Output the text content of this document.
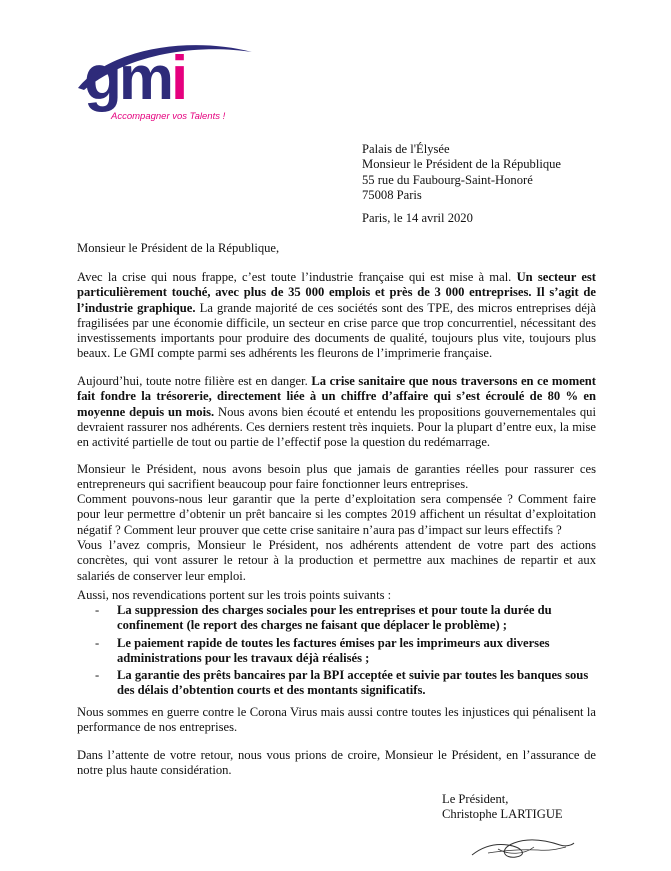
gmi
Accompagner vos Talents !
Palais de l'Élysée
Monsieur le Président de la République
55 rue du Faubourg-Saint-Honoré
75008 Paris
Paris, le 14 avril 2020
Monsieur le Président de la République,
Avec la crise qui nous frappe, c’est toute l’industrie française qui est mise à mal. Un secteur est particulièrement touché, avec plus de 35 000 emplois et près de 3 000 entreprises. Il s’agit de l’industrie graphique. La grande majorité de ces sociétés sont des TPE, des micros entreprises déjà fragilisées par une économie difficile, un secteur en crise parce que trop concurrentiel, nécessitant des investissements importants pour produire des documents de qualité, toujours plus vite, toujours plus beaux. Le GMI compte parmi ses adhérents les fleurons de l’imprimerie française.
Aujourd’hui, toute notre filière est en danger. La crise sanitaire que nous traversons en ce moment fait fondre la trésorerie, directement liée à un chiffre d’affaire qui s’est écroulé de 80 % en moyenne depuis un mois. Nous avons bien écouté et entendu les propositions gouvernementales qui devraient rassurer nos adhérents. Ces derniers restent très inquiets. Pour la plupart d’entre eux, la mise en activité partielle de tout ou partie de l’effectif pose la question du redémarrage.
Monsieur le Président, nous avons besoin plus que jamais de garanties réelles pour rassurer ces entrepreneurs qui sacrifient beaucoup pour faire fonctionner leurs entreprises.
Comment pouvons-nous leur garantir que la perte d’exploitation sera compensée ? Comment faire pour leur permettre d’obtenir un prêt bancaire si les comptes 2019 affichent un résultat d’exploitation négatif ? Comment leur prouver que cette crise sanitaire n’aura pas d’impact sur leurs effectifs ?
Vous l’avez compris, Monsieur le Président, nos adhérents attendent de votre part des actions concrètes, qui vont assurer le retour à la production et permettre aux machines de repartir et aux salariés de conserver leur emploi.
Aussi, nos revendications portent sur les trois points suivants :
- La suppression des charges sociales pour les entreprises et pour toute la durée du confinement (le report des charges ne faisant que déplacer le problème) ;
- Le paiement rapide de toutes les factures émises par les imprimeurs aux diverses administrations pour les travaux déjà réalisés ;
- La garantie des prêts bancaires par la BPI acceptée et suivie par toutes les banques sous des délais d’obtention courts et des montants significatifs.
Nous sommes en guerre contre le Corona Virus mais aussi contre toutes les injustices qui pénalisent la performance de nos entreprises.
Dans l’attente de votre retour, nous vous prions de croire, Monsieur le Président, en l’assurance de notre plus haute considération.
Le Président,
Christophe LARTIGUE
